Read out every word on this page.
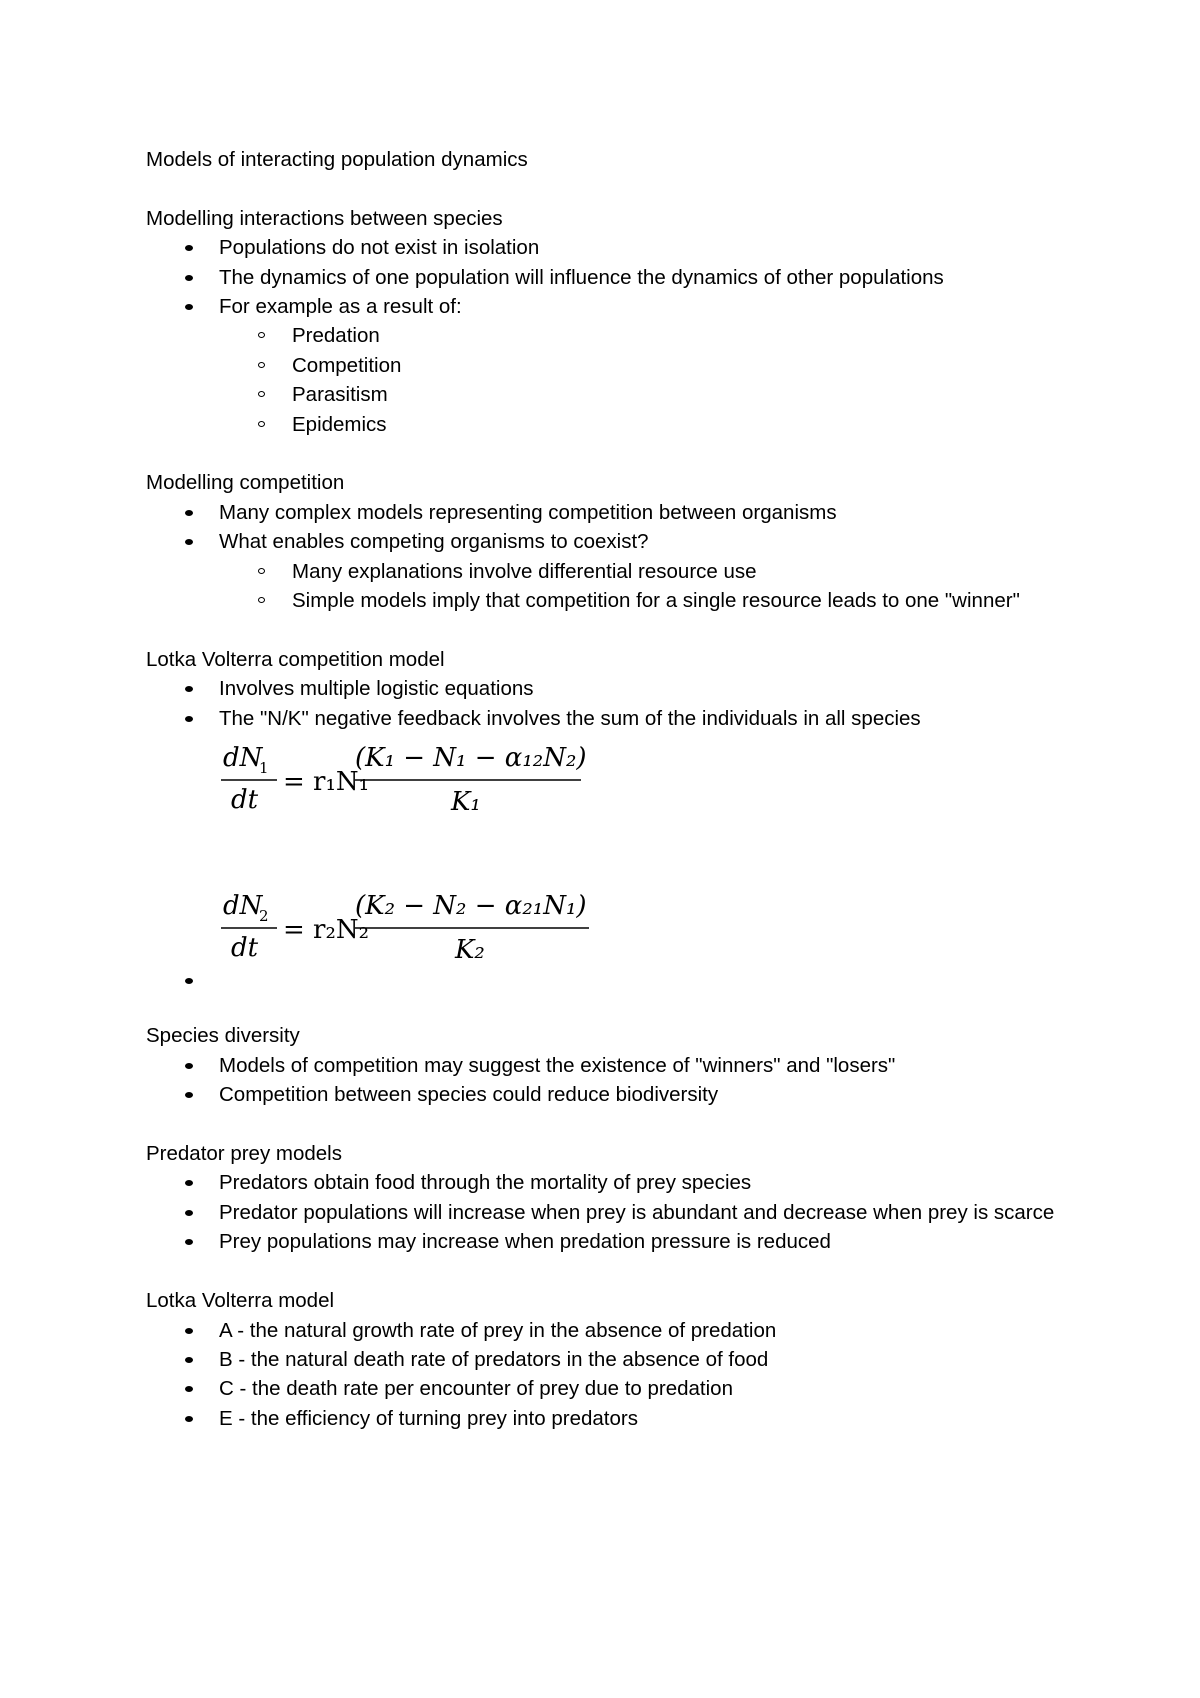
Models of interacting population dynamics
Modelling interactions between species
Populations do not exist in isolation
The dynamics of one population will influence the dynamics of other populations
For example as a result of:
Predation
Competition
Parasitism
Epidemics
Modelling competition
Many complex models representing competition between organisms
What enables competing organisms to coexist?
Many explanations involve differential resource use
Simple models imply that competition for a single resource leads to one "winner"
Lotka Volterra competition model
Involves multiple logistic equations
The "N/K" negative feedback involves the sum of the individuals in all species
dN
1
dt
= r₁N₁
(K₁ − N₁ − α₁₂N₂)
K₁
dN
2
dt
= r₂N₂
(K₂ − N₂ − α₂₁N₁)
K₂
Species diversity
Models of competition may suggest the existence of "winners" and "losers"
Competition between species could reduce biodiversity
Predator prey models
Predators obtain food through the mortality of prey species
Predator populations will increase when prey is abundant and decrease when prey is scarce
Prey populations may increase when predation pressure is reduced
Lotka Volterra model
A - the natural growth rate of prey in the absence of predation
B - the natural death rate of predators in the absence of food
C - the death rate per encounter of prey due to predation
E - the efficiency of turning prey into predators
